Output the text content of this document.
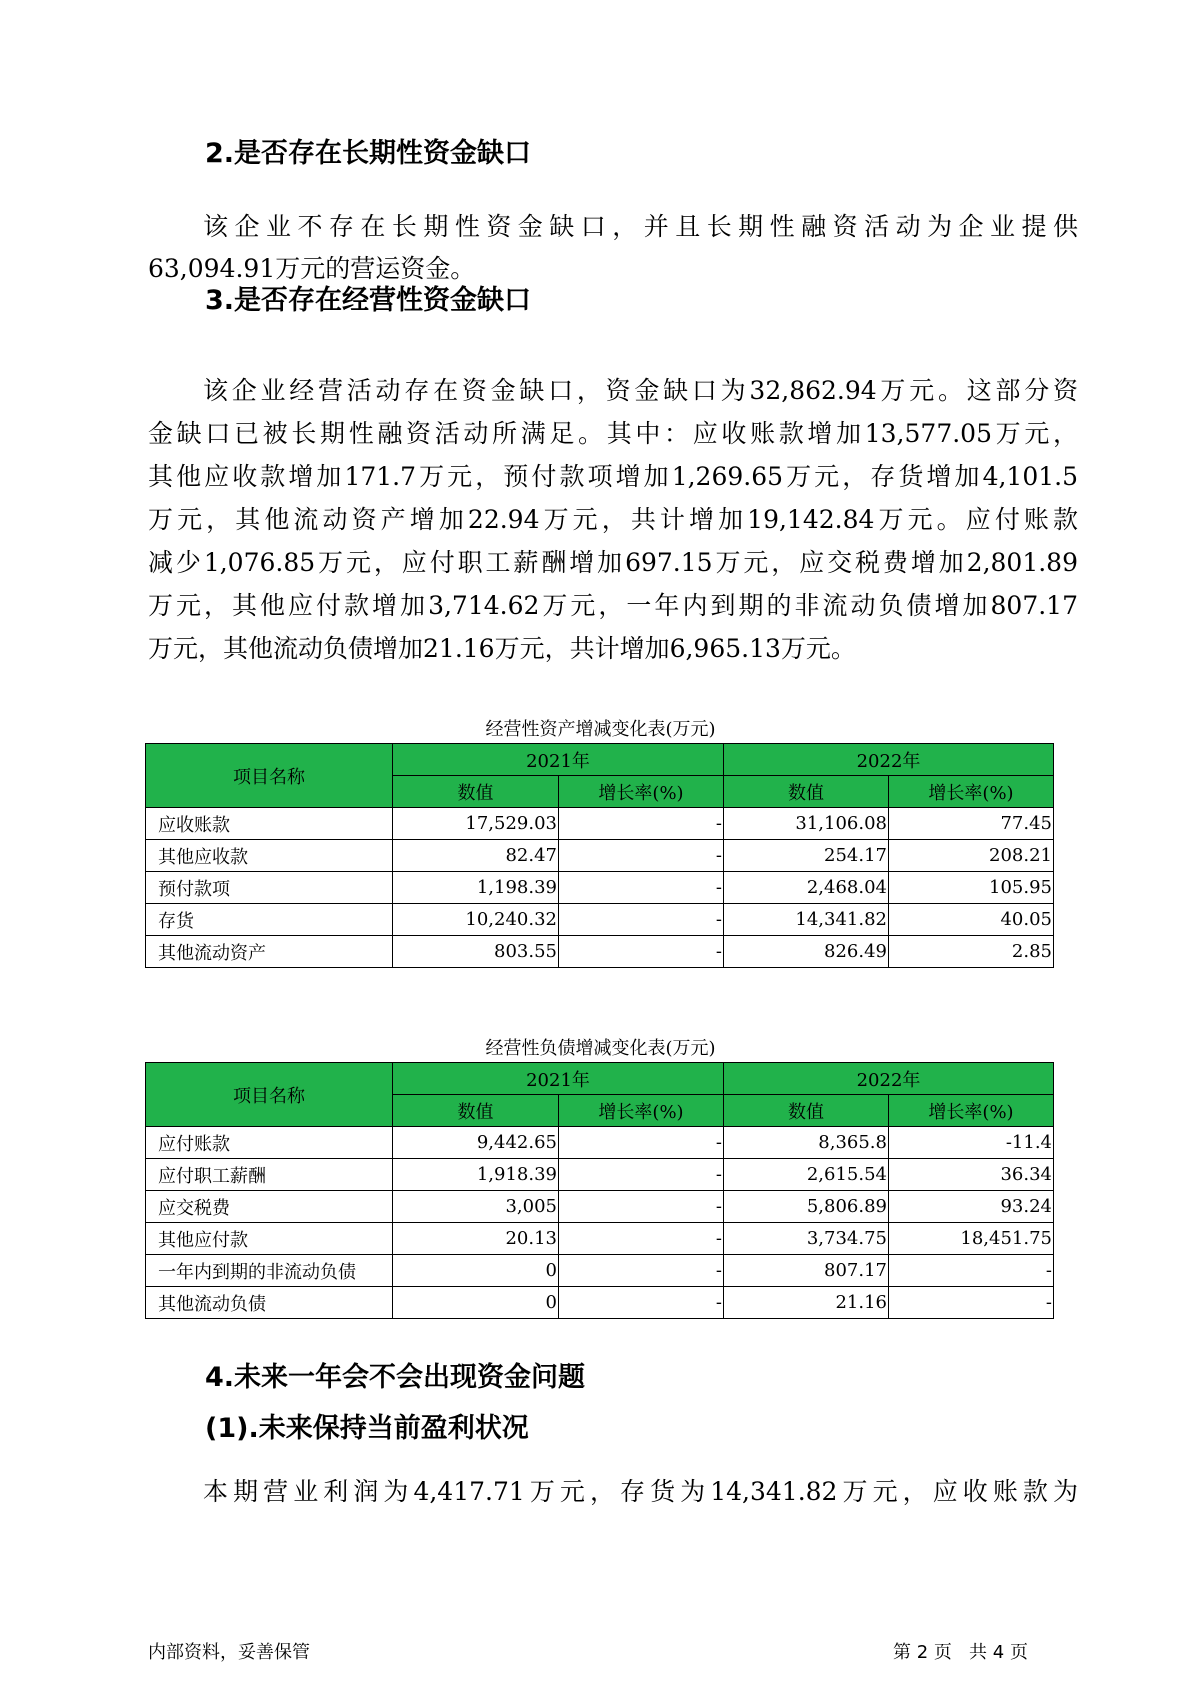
2.是否存在长期性资金缺口
该企业不存在长期性资金缺口，并且长期性融资活动为企业提供
63,094.91万元的营运资金。
3.是否存在经营性资金缺口
该企业经营活动存在资金缺口，资金缺口为32,862.94万元。这部分资
金缺口已被长期性融资活动所满足。其中：应收账款增加13,577.05万元，
其他应收款增加171.7万元，预付款项增加1,269.65万元，存货增加4,101.5
万元，其他流动资产增加22.94万元，共计增加19,142.84万元。应付账款
减少1,076.85万元，应付职工薪酬增加697.15万元，应交税费增加2,801.89
万元，其他应付款增加3,714.62万元，一年内到期的非流动负债增加807.17
万元，其他流动负债增加21.16万元，共计增加6,965.13万元。

经营性资产增减变化表(万元)

项目名称	2021年		2022年	
	数值	增长率(%)	数值	增长率(%)
应收账款	17,529.03	-	31,106.08	77.45
其他应收款	82.47	-	254.17	208.21
预付款项	1,198.39	-	2,468.04	105.95
存货	10,240.32	-	14,341.82	40.05
其他流动资产	803.55	-	826.49	2.85

经营性负债增减变化表(万元)

项目名称	2021年		2022年	
	数值	增长率(%)	数值	增长率(%)
应付账款	9,442.65	-	8,365.8	-11.4
应付职工薪酬	1,918.39	-	2,615.54	36.34
应交税费	3,005	-	5,806.89	93.24
其他应付款	20.13	-	3,734.75	18,451.75
一年内到期的非流动负债	0	-	807.17	-
其他流动负债	0	-	21.16	-
4.未来一年会不会出现资金问题
(1).未来保持当前盈利状况
本期营业利润为4,417.71万元，存货为14,341.82万元，应收账款为

内部资料，妥善保管	第 2 页   共 4 页
